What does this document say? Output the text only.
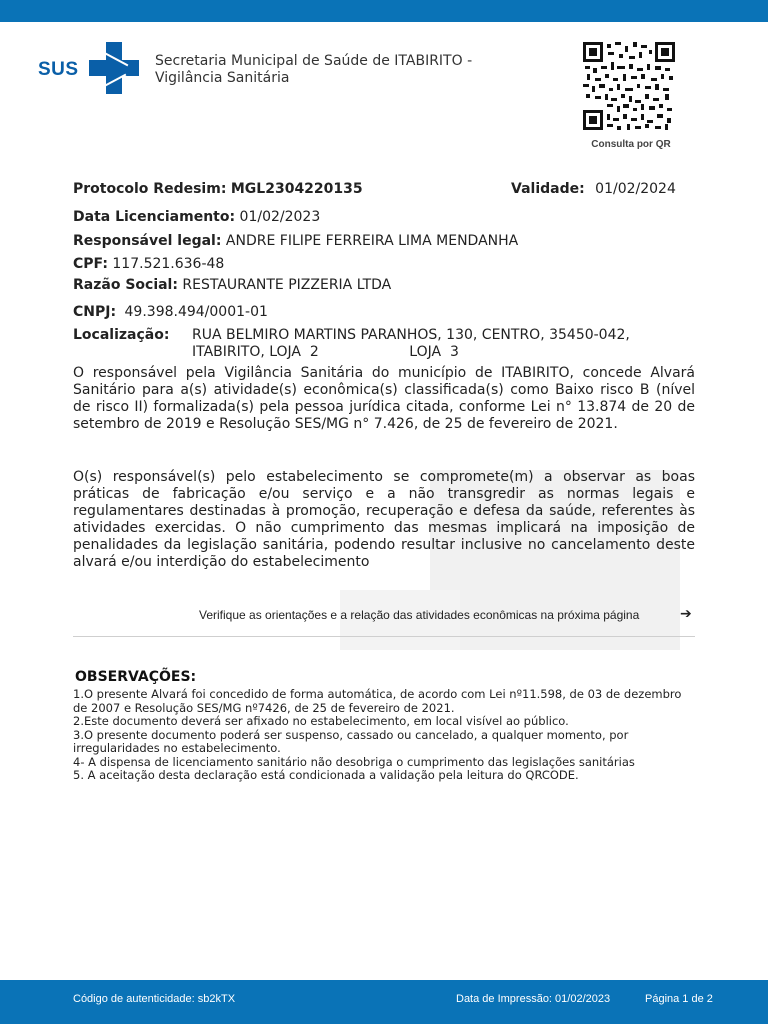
SUS	Secretaria Municipal de Saúde de ITABIRITO -
Vigilância Sanitária
Consulta por QR
Protocolo Redesim: MGL2304220135	Validade: 01/02/2024
Data Licenciamento: 01/02/2023
Responsável legal: ANDRE FILIPE FERREIRA LIMA MENDANHA
CPF: 117.521.636-48
Razão Social: RESTAURANTE PIZZERIA LTDA
CNPJ: 49.398.494/0001-01
Localização: RUA BELMIRO MARTINS PARANHOS, 130, CENTRO, 35450-042,
ITABIRITO, LOJA  2	LOJA  3
O responsável pela Vigilância Sanitária do município de ITABIRITO, concede Alvará Sanitário para a(s) atividade(s) econômica(s) classificada(s) como Baixo risco B (nível de risco II) formalizada(s) pela pessoa jurídica citada, conforme Lei n° 13.874 de 20 de setembro de 2019 e Resolução SES/MG n° 7.426, de 25 de fevereiro de 2021.
O(s) responsável(s) pelo estabelecimento se compromete(m) a observar as boas práticas de fabricação e/ou serviço e a não transgredir as normas legais e regulamentares destinadas à promoção, recuperação e defesa da saúde, referentes às atividades exercidas. O não cumprimento das mesmas implicará na imposição de penalidades da legislação sanitária, podendo resultar inclusive no cancelamento deste alvará e/ou interdição do estabelecimento
Verifique as orientações e a relação das atividades econômicas na próxima página	➔
OBSERVAÇÕES:
1.O presente Alvará foi concedido de forma automática, de acordo com Lei nº11.598, de 03 de dezembro de 2007 e Resolução SES/MG nº7426, de 25 de fevereiro de 2021.
2.Este documento deverá ser afixado no estabelecimento, em local visível ao público.
3.O presente documento poderá ser suspenso, cassado ou cancelado, a qualquer momento, por irregularidades no estabelecimento.
4- A dispensa de licenciamento sanitário não desobriga o cumprimento das legislações sanitárias
5. A aceitação desta declaração está condicionada a validação pela leitura do QRCODE.
Código de autenticidade: sb2kTX	Data de Impressão: 01/02/2023	Página 1 de 2
